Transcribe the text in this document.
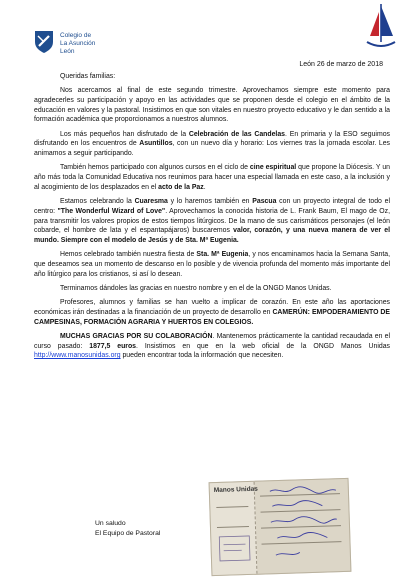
Colegio de
La Asunción
León
León 26 de marzo de 2018

Queridas familias:

Nos acercamos al final de este segundo trimestre. Aprovechamos siempre este momento para agradecerles su participación y apoyo en las actividades que se proponen desde el colegio en el ámbito de la educación en valores y la pastoral. Insistimos en que son vitales en nuestro proyecto educativo y le dan sentido a la formación académica que proporcionamos a nuestros alumnos.

Los más pequeños han disfrutado de la Celebración de las Candelas. En primaria y la ESO seguimos disfrutando en los encuentros de Asuntillos, con un nuevo día y horario: Los viernes tras la jornada escolar. Les animamos a seguir participando.

También hemos participado con algunos cursos en el ciclo de cine espiritual que propone la Diócesis. Y un año más toda la Comunidad Educativa nos reunimos para hacer una especial llamada en este caso, a la inclusión y al acogimiento de los desplazados en el acto de la Paz.

Estamos celebrando la Cuaresma y lo haremos también en Pascua con un proyecto integral de todo el centro: "The Wonderful Wizard of Love". Aprovechamos la conocida historia de L. Frank Baum, El mago de Oz, para transmitir los valores propios de estos tiempos litúrgicos. De la mano de sus carismáticos personajes (el león cobarde, el hombre de lata y el espantapájaros) buscaremos valor, corazón, y una nueva manera de ver el mundo. Siempre con el modelo de Jesús y de Sta. Mª Eugenia.

Hemos celebrado también nuestra fiesta de Sta. Mª Eugenia, y nos encaminamos hacia la Semana Santa, que deseamos sea un momento de descanso en lo posible y de vivencia profunda del momento más importante del año litúrgico para los cristianos, si así lo desean.

Terminamos dándoles las gracias en nuestro nombre y en el de la ONGD Manos Unidas.

Profesores, alumnos y familias se han vuelto a implicar de corazón. En este año las aportaciones económicas irán destinadas a la financiación de un proyecto de desarrollo en CAMERÚN: EMPODERAMIENTO DE CAMPESINAS, FORMACIÓN AGRARIA Y HUERTOS EN COLEGIOS.

MUCHAS GRACIAS POR SU COLABORACIÓN. Mantenemos prácticamente la cantidad recaudada en el curso pasado: 1877,5 euros. Insistimos en que en la web oficial de la ONGD Manos Unidas http://www.manosunidas.org pueden encontrar toda la información que necesiten.

Manos Unidas
Un saludo
El Equipo de Pastoral
